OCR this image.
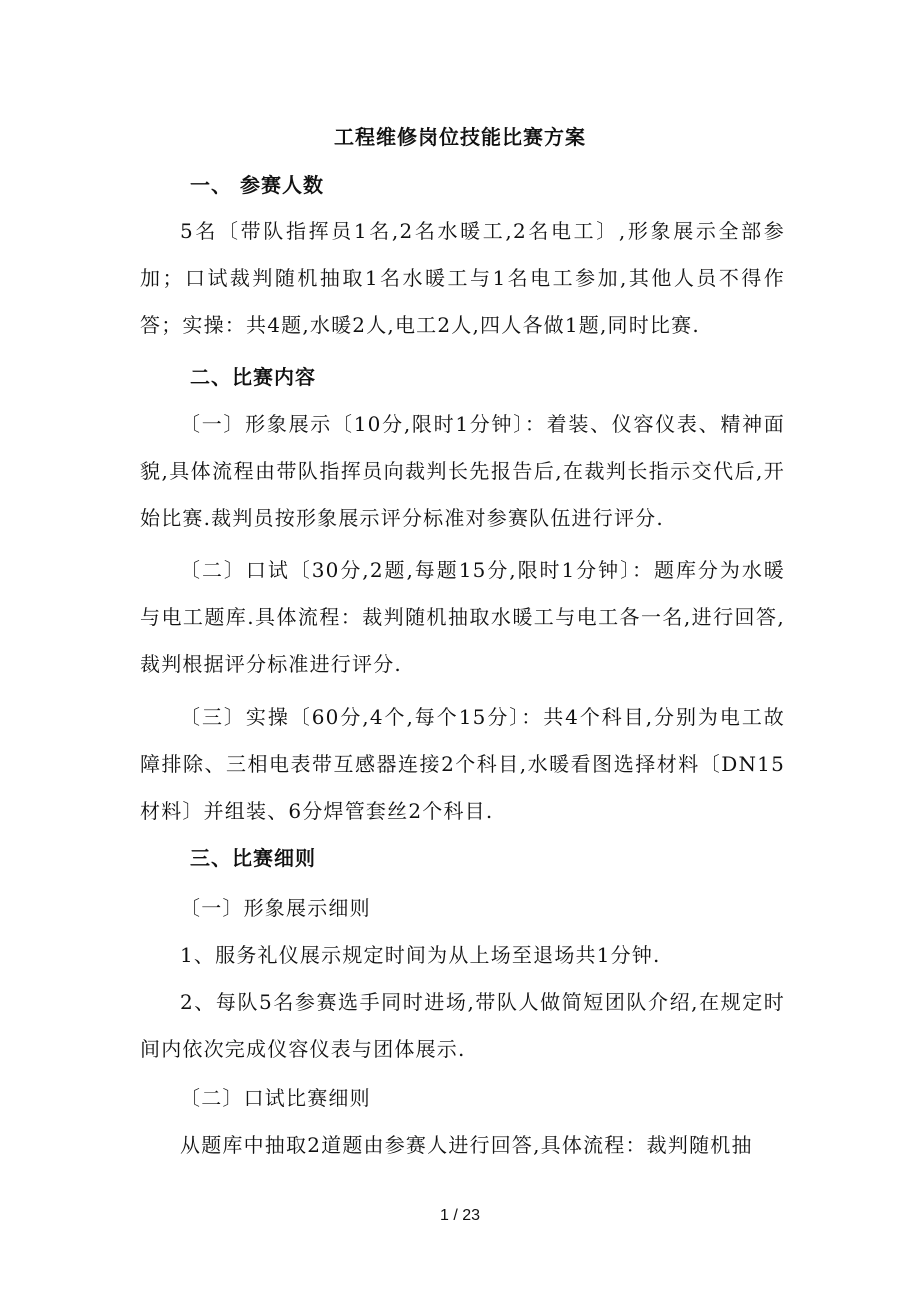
工程维修岗位技能比赛方案
一、 参赛人数

5名〔带队指挥员1名,2名水暖工,2名电工〕,形象展示全部参加；口试裁判随机抽取1名水暖工与1名电工参加,其他人员不得作答；实操：共4题,水暖2人,电工2人,四人各做1题,同时比赛.

二、比赛内容

〔一〕形象展示〔10分,限时1分钟〕：着装、仪容仪表、精神面貌,具体流程由带队指挥员向裁判长先报告后,在裁判长指示交代后,开始比赛.裁判员按形象展示评分标准对参赛队伍进行评分.

〔二〕口试〔30分,2题,每题15分,限时1分钟〕：题库分为水暖与电工题库.具体流程：裁判随机抽取水暖工与电工各一名,进行回答,裁判根据评分标准进行评分.

〔三〕实操〔60分,4个,每个15分〕：共4个科目,分别为电工故障排除、三相电表带互感器连接2个科目,水暖看图选择材料〔DN15材料〕并组装、6分焊管套丝2个科目.

三、比赛细则
〔一〕形象展示细则
1、服务礼仪展示规定时间为从上场至退场共1分钟.

2、每队5名参赛选手同时进场,带队人做简短团队介绍,在规定时间内依次完成仪容仪表与团体展示.

〔二〕口试比赛细则

从题库中抽取2道题由参赛人进行回答,具体流程：裁判随机抽

1 / 23
